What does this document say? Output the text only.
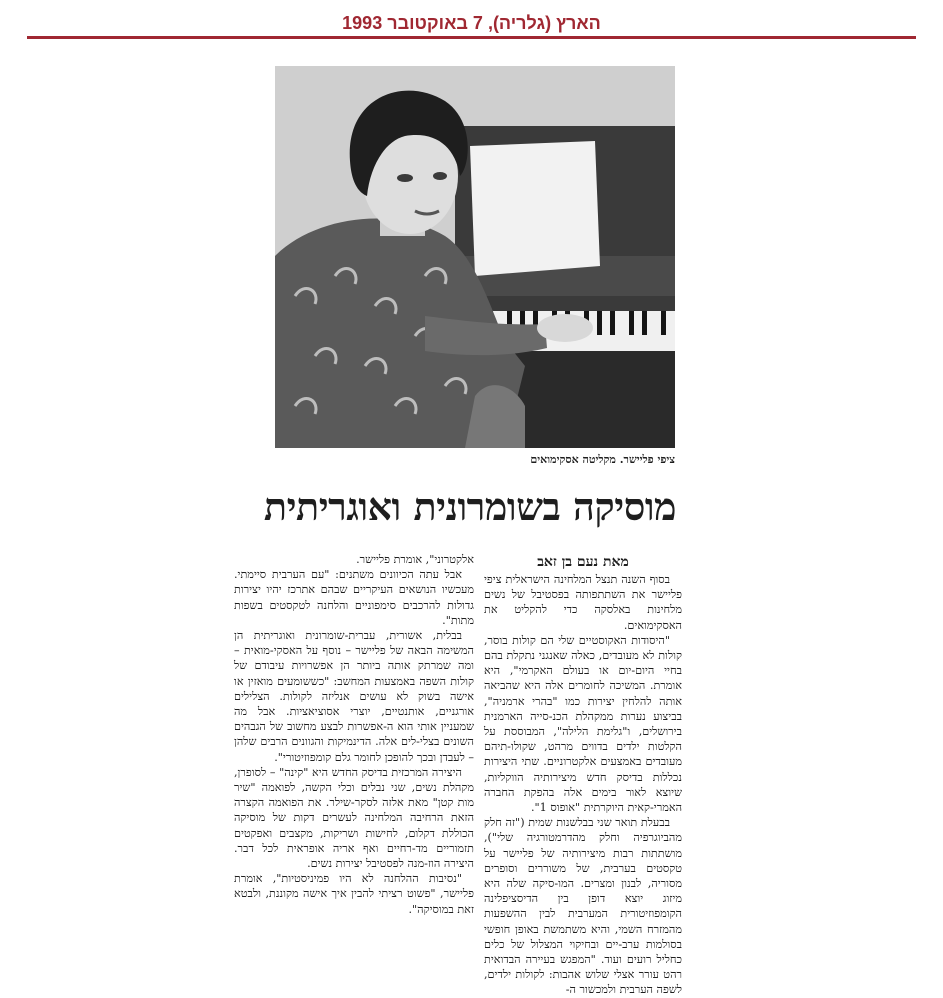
הארץ (גלריה), 7 באוקטובר 1993
ציפי פליישר. מקליטה אסקימואים
מוסיקה בשומרונית ואוגריתית

מאת נעם בן זאב

בסוף השנה תנצל המלחינה הישראלית ציפי פליישר את השתתפותה בפסטיבל של נשים מלחינות באלסקה כדי להקליט את האסקימואים.

"היסודות האקוסטיים שלי הם קולות בוסר, קולות לא מעובדים, כאלה שאנגני נתקלת בהם בחיי היום-יום או בעולם האקרמי", היא אומרת. המשיכה לחומרים אלה היא שהביאה אותה להלחין יצירות כמו "בהרי ארמניה", בביצוע נערות ממקהלת הכנ-סייה הארמנית בירושלים, ו"גלימת הלילה", המבוססת על הקלטות ילדים בדווים מרהט, שקולו-תיהם מעובדים באמצעים אלקטרוניים. שתי היצירות נכללות בדיסק חדש מיצירותיה הווקליות, שיוצא לאור בימים אלה בהפקת החברה האמרי-קאית היוקרתית "אופוס 1".

בבעלת תואר שני בבלשנות שמית ("זה חלק מהביוגרפיה וחלק מהדרמטורגיה שלי"), מושתתות רבות מיצירותיה של פליישר על טקסטים בערבית, של משוררים וסופרים מסוריה, לבנון ומצרים. המו-סיקה שלה היא מיזוג יוצא דופן בין הדיסציפלינה הקומפוזיטורית המערבית לבין ההשפעות מהמזרח השמי, והיא משתמשת באופן חופשי בסולמות ערב-יים ובחיקוי המצלול של כלים כחליל רועים ועוד. "המפגש בעיירה הבדואית רהט עורר אצלי שלוש אהבות: לקולות ילדים, לשפה הערבית ולמכשור ה-

אלקטרוני", אומרת פליישר.

אבל עתה הכיוונים משתנים: "עם הערבית סיימתי. מעכשיו הנושאים העיקריים שבהם אתרכז יהיו יצירות גדולות להרכבים סימפוניים והלחנה לטקסטים בשפות מתות".

בבלית, אשורית, עברית-שומרונית ואוגריתית הן המשימה הבאה של פליישר – נוסף על האסקי-מואית – ומה שמרתק אותה ביותר הן אפשרויות עיבודם של קולות השפה באמצעות המחשב: "כששומעים מואזין או אישה בשוק לא עושים אנליזה לקולות. הצלילים אורגניים, אותנטיים, יוצרי אסוציאציות. אבל מה שמעניין אותי הוא ה-אפשרות לבצע מחשוב של הגבהים השונים בצלי-לים אלה. הדינמיקות והגוונים הרבים שלהן – לעבדן ובכך להופכן לחומר גלם קומפוזיטורי".

היצירה המרכזית בדיסק החדש היא "קינה" – לסופרן, מקהלת נשים, שני נבלים וכלי הקשה, לפואמה "שיר מות קטן" מאת אלזה לסקר-שילר. את הפואמה הקצרה הזאת הרחיבה המלחינה לעשרים דקות של מוסיקה הכוללת דקלום, לחישות ושריקות, מקצבים ואפקטים תזמוריים מד-רחיים ואף אריה אופראית לכל דבר. היצירה הוז-מנה לפסטיבל יצירות נשים.

"נסיבות ההלחנה לא היו פמיניסטיות", אומרת פליישר, "פשוט רציתי להבין איך אישה מקוננת, ולבטא זאת במוסיקה".
